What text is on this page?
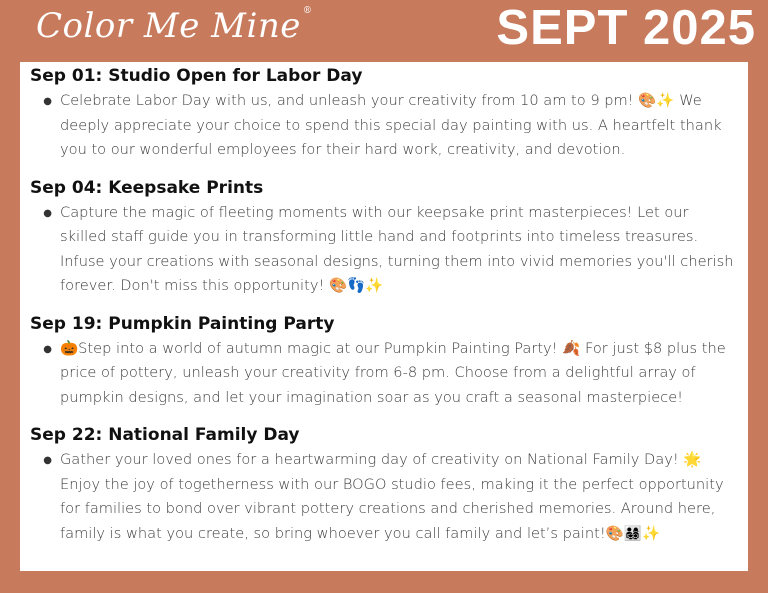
Color Me Mine ®	SEPT 2025
Sep 01: Studio Open for Labor Day
● Celebrate Labor Day with us, and unleash your creativity from 10 am to 9 pm! 🎨✨ We deeply appreciate your choice to spend this special day painting with us. A heartfelt thank you to our wonderful employees for their hard work, creativity, and devotion.
Sep 04: Keepsake Prints
● Capture the magic of fleeting moments with our keepsake print masterpieces! Let our skilled staff guide you in transforming little hand and footprints into timeless treasures. Infuse your creations with seasonal designs, turning them into vivid memories you'll cherish forever. Don't miss this opportunity! 🎨👣✨
Sep 19: Pumpkin Painting Party
● 🎃Step into a world of autumn magic at our Pumpkin Painting Party! 🍂 For just $8 plus the price of pottery, unleash your creativity from 6-8 pm. Choose from a delightful array of pumpkin designs, and let your imagination soar as you craft a seasonal masterpiece!
Sep 22: National Family Day
● Gather your loved ones for a heartwarming day of creativity on National Family Day! 🌟 Enjoy the joy of togetherness with our BOGO studio fees, making it the perfect opportunity for families to bond over vibrant pottery creations and cherished memories. Around here, family is what you create, so bring whoever you call family and let’s paint!🎨👨‍👩‍👧‍👦✨
